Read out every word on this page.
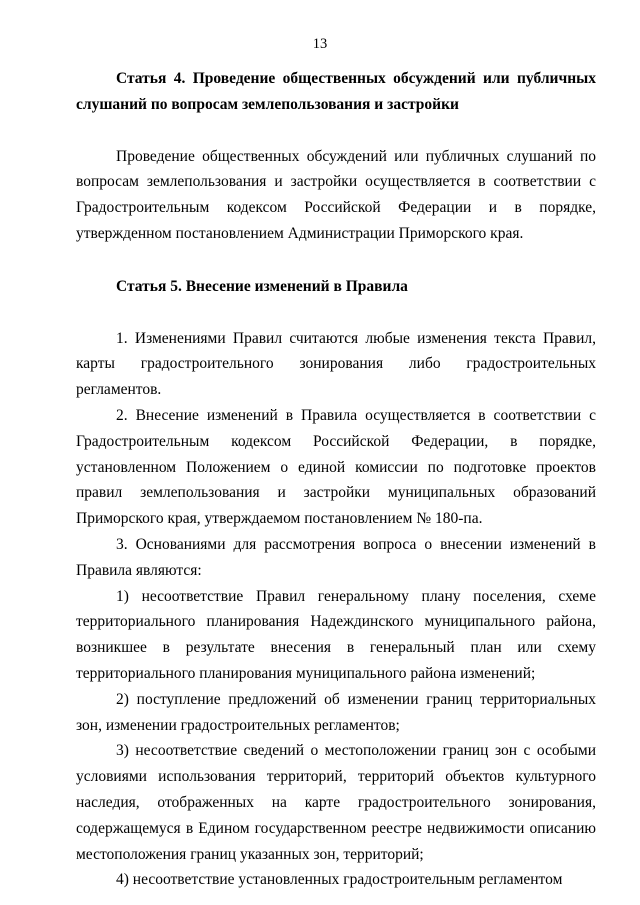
13

Статья 4. Проведение общественных обсуждений или публичных слушаний по вопросам землепользования и застройки

Проведение общественных обсуждений или публичных слушаний по вопросам землепользования и застройки осуществляется в соответствии с Градостроительным кодексом Российской Федерации и в порядке, утвержденном постановлением Администрации Приморского края.

Статья 5. Внесение изменений в Правила

1. Изменениями Правил считаются любые изменения текста Правил, карты градостроительного зонирования либо градостроительных регламентов.

2. Внесение изменений в Правила осуществляется в соответствии с Градостроительным кодексом Российской Федерации, в порядке, установленном Положением о единой комиссии по подготовке проектов правил землепользования и застройки муниципальных образований Приморского края, утверждаемом постановлением № 180-па.

3. Основаниями для рассмотрения вопроса о внесении изменений в Правила являются:

1) несоответствие Правил генеральному плану поселения, схеме территориального планирования Надеждинского муниципального района, возникшее в результате внесения в генеральный план или схему территориального планирования муниципального района изменений;

2) поступление предложений об изменении границ территориальных зон, изменении градостроительных регламентов;

3) несоответствие сведений о местоположении границ зон с особыми условиями использования территорий, территорий объектов культурного наследия, отображенных на карте градостроительного зонирования, содержащемуся в Едином государственном реестре недвижимости описанию местоположения границ указанных зон, территорий;

4) несоответствие установленных градостроительным регламентом
